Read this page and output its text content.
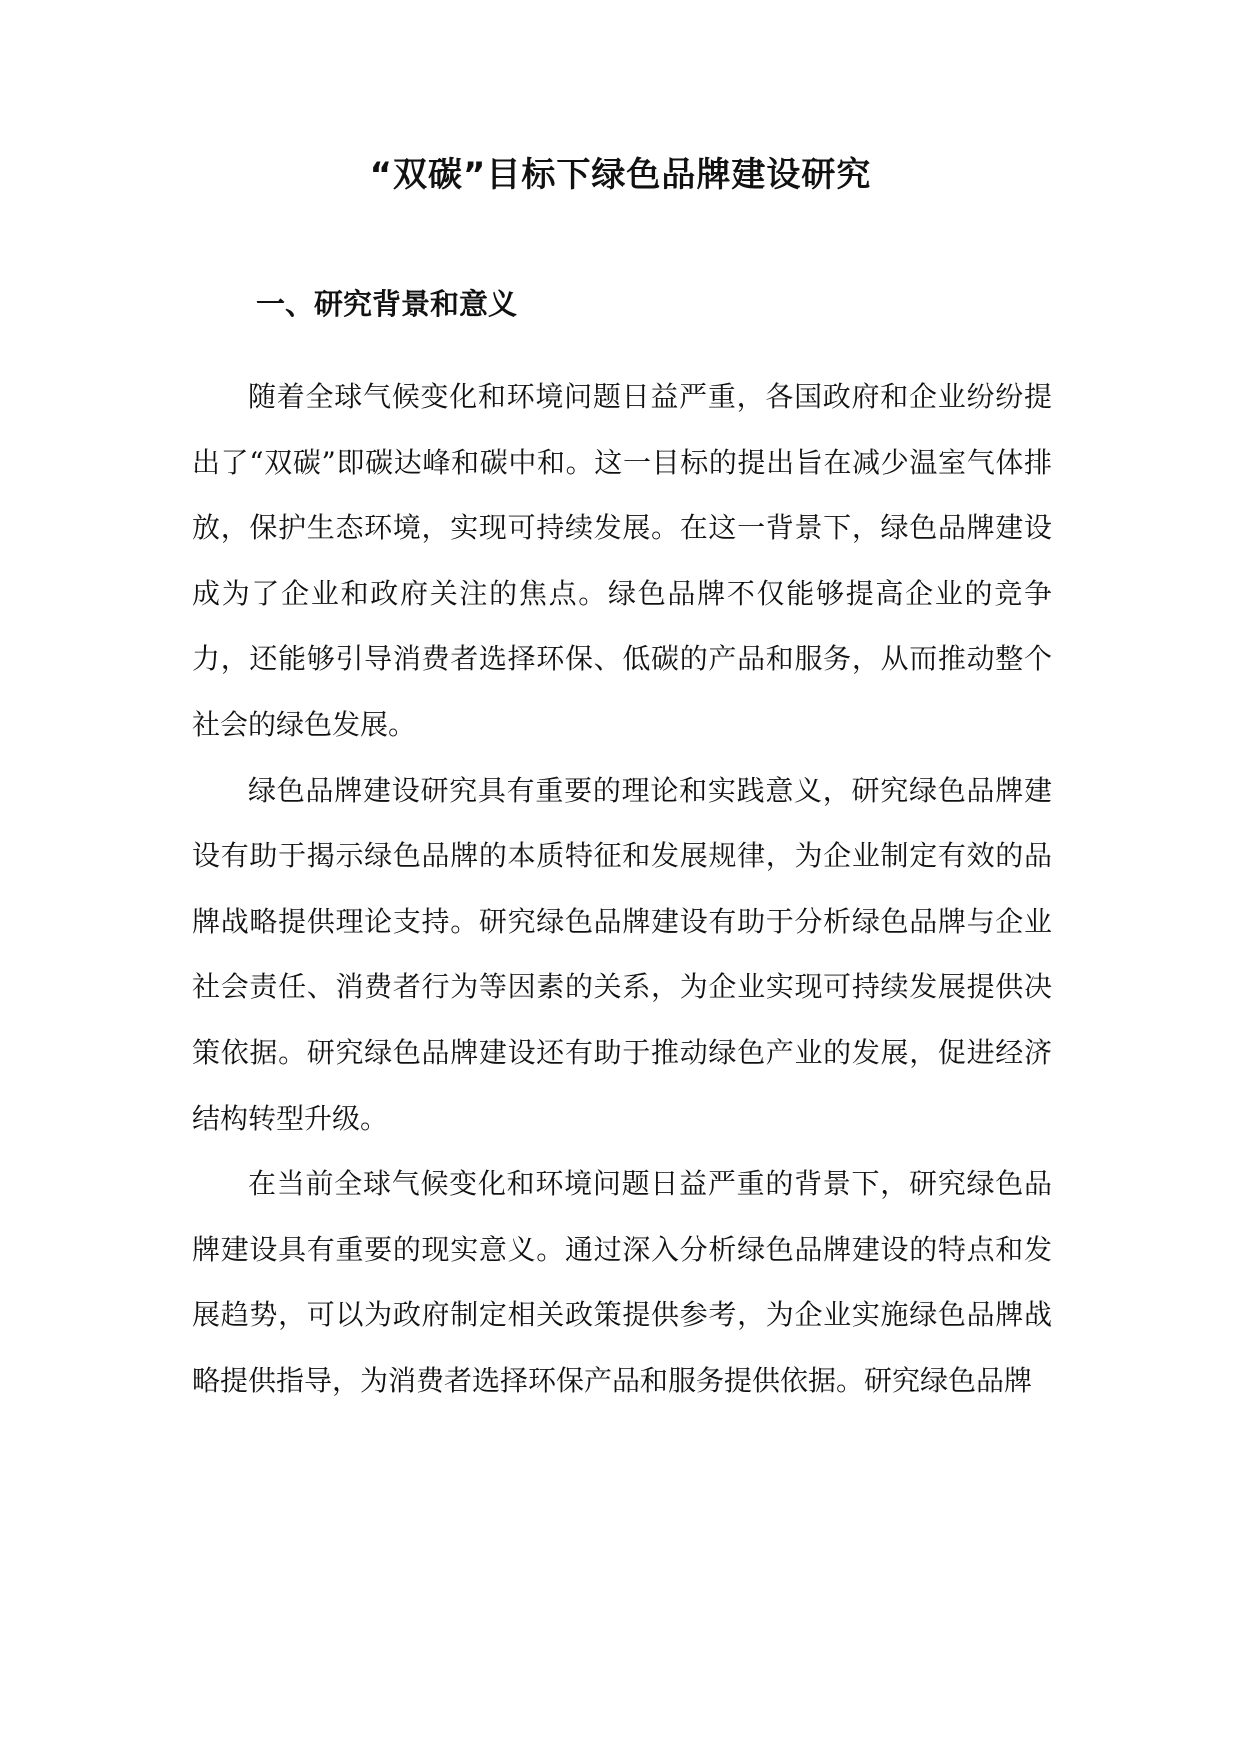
“双碳”目标下绿色品牌建设研究
一、研究背景和意义

随着全球气候变化和环境问题日益严重，各国政府和企业纷纷提出了“双碳”即碳达峰和碳中和。这一目标的提出旨在减少温室气体排放，保护生态环境，实现可持续发展。在这一背景下，绿色品牌建设成为了企业和政府关注的焦点。绿色品牌不仅能够提高企业的竞争力，还能够引导消费者选择环保、低碳的产品和服务，从而推动整个社会的绿色发展。

绿色品牌建设研究具有重要的理论和实践意义，研究绿色品牌建设有助于揭示绿色品牌的本质特征和发展规律，为企业制定有效的品牌战略提供理论支持。研究绿色品牌建设有助于分析绿色品牌与企业社会责任、消费者行为等因素的关系，为企业实现可持续发展提供决策依据。研究绿色品牌建设还有助于推动绿色产业的发展，促进经济结构转型升级。

在当前全球气候变化和环境问题日益严重的背景下，研究绿色品牌建设具有重要的现实意义。通过深入分析绿色品牌建设的特点和发展趋势，可以为政府制定相关政策提供参考，为企业实施绿色品牌战略提供指导，为消费者选择环保产品和服务提供依据。研究绿色品牌
